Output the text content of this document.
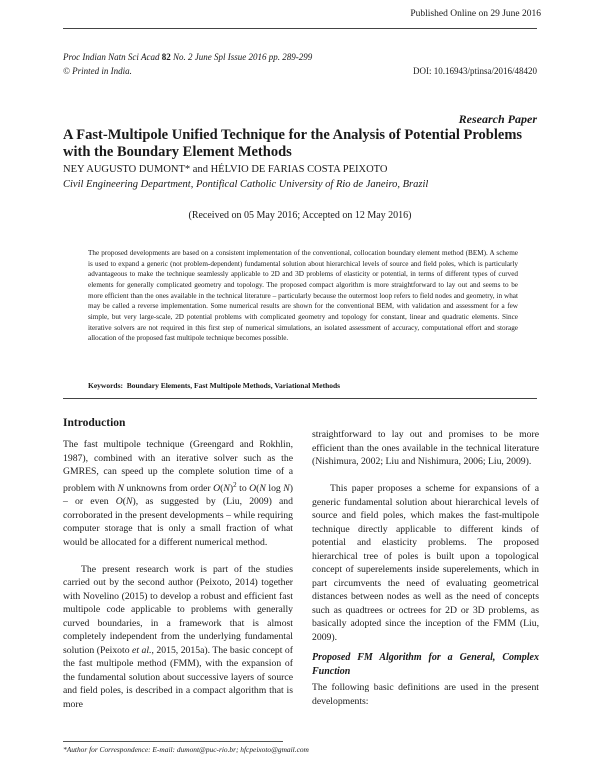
Published Online on 29 June 2016
Proc Indian Natn Sci Acad 82 No. 2 June Spl Issue 2016 pp. 289-299
© Printed in India.	DOI: 10.16943/ptinsa/2016/48420
Research Paper
A Fast-Multipole Unified Technique for the Analysis of Potential Problems with the Boundary Element Methods
NEY AUGUSTO DUMONT* and HÉLVIO DE FARIAS COSTA PEIXOTO
Civil Engineering Department, Pontifical Catholic University of Rio de Janeiro, Brazil
(Received on 05 May 2016; Accepted on 12 May 2016)
The proposed developments are based on a consistent implementation of the conventional, collocation boundary element method (BEM). A scheme is used to expand a generic (not problem-dependent) fundamental solution about hierarchical levels of source and field poles, which is particularly advantageous to make the technique seamlessly applicable to 2D and 3D problems of elasticity or potential, in terms of different types of curved elements for generally complicated geometry and topology. The proposed compact algorithm is more straightforward to lay out and seems to be more efficient than the ones available in the technical literature – particularly because the outermost loop refers to field nodes and geometry, in what may be called a reverse implementation. Some numerical results are shown for the conventional BEM, with validation and assessment for a few simple, but very large-scale, 2D potential problems with complicated geometry and topology for constant, linear and quadratic elements. Since iterative solvers are not required in this first step of numerical simulations, an isolated assessment of accuracy, computational effort and storage allocation of the proposed fast multipole technique becomes possible.
Keywords: Boundary Elements, Fast Multipole Methods, Variational Methods
Introduction

The fast multipole technique (Greengard and Rokhlin, 1987), combined with an iterative solver such as the GMRES, can speed up the complete solution time of a problem with N unknowns from order $O(N)^2$ to O(N log N) – or even O(N), as suggested by (Liu, 2009) and corroborated in the present developments – while requiring computer storage that is only a small fraction of what would be allocated for a different numerical method.

The present research work is part of the studies carried out by the second author (Peixoto, 2014) together with Novelino (2015) to develop a robust and efficient fast multipole code applicable to problems with generally curved boundaries, in a framework that is almost completely independent from the underlying fundamental solution (Peixoto et al., 2015, 2015a). The basic concept of the fast multipole method (FMM), with the expansion of the fundamental solution about successive layers of source and field poles, is described in a compact algorithm that is more

straightforward to lay out and promises to be more efficient than the ones available in the technical literature (Nishimura, 2002; Liu and Nishimura, 2006; Liu, 2009).

This paper proposes a scheme for expansions of a generic fundamental solution about hierarchical levels of source and field poles, which makes the fast-multipole technique directly applicable to different kinds of potential and elasticity problems. The proposed hierarchical tree of poles is built upon a topological concept of superelements inside superelements, which in part circumvents the need of evaluating geometrical distances between nodes as well as the need of concepts such as quadtrees or octrees for 2D or 3D problems, as basically adopted since the inception of the FMM (Liu, 2009).

Proposed FM Algorithm for a General, Complex Function

The following basic definitions are used in the present developments:

*Author for Correspondence: E-mail: dumont@puc-rio.br; hfcpeixoto@gmail.com
